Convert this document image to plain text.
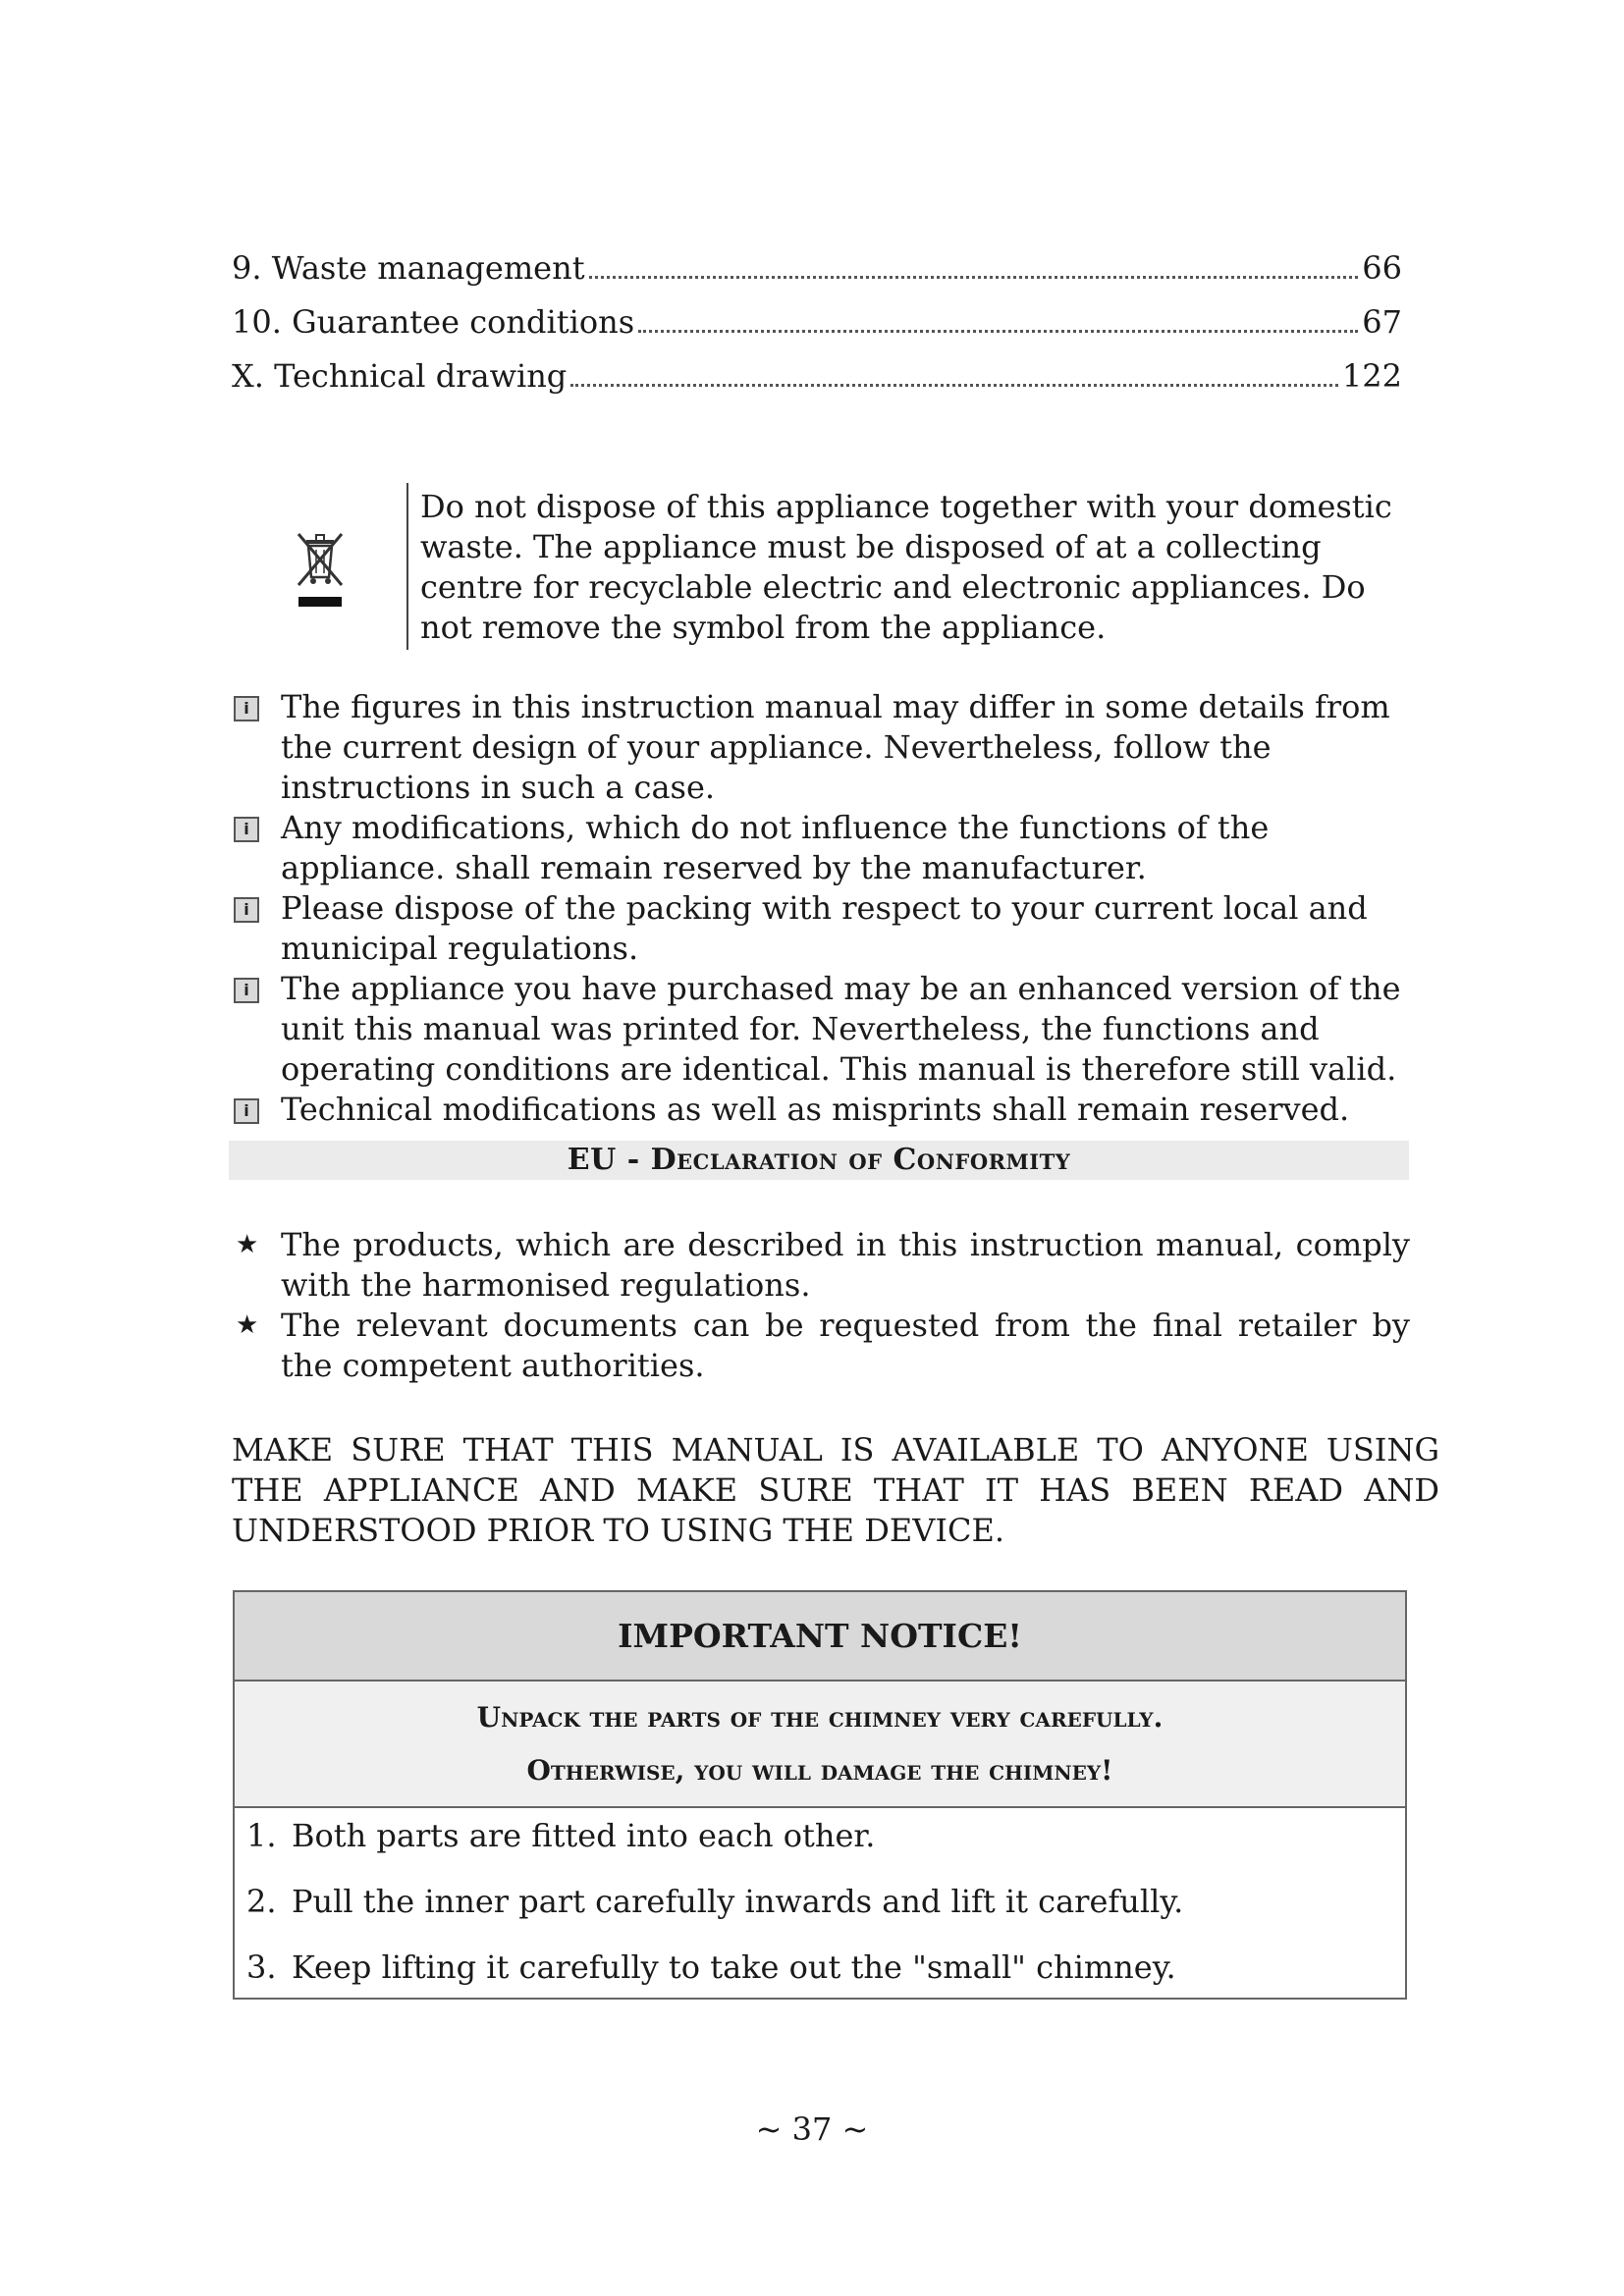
9. Waste management	66
10. Guarantee conditions	67
X. Technical drawing	122
Do not dispose of this appliance together with your domestic waste. The appliance must be disposed of at a collecting centre for recyclable electric and electronic appliances. Do not remove the symbol from the appliance.
i	The figures in this instruction manual may differ in some details from the current design of your appliance. Nevertheless, follow the instructions in such a case.
i	Any modifications, which do not influence the functions of the appliance. shall remain reserved by the manufacturer.
i	Please dispose of the packing with respect to your current local and municipal regulations.
i	The appliance you have purchased may be an enhanced version of the unit this manual was printed for. Nevertheless, the functions and operating conditions are identical. This manual is therefore still valid.
i	Technical modifications as well as misprints shall remain reserved.
EU - Declaration of Conformity
★ The products, which are described in this instruction manual, comply with the harmonised regulations.
★ The relevant documents can be requested from the final retailer by the competent authorities.
MAKE SURE THAT THIS MANUAL IS AVAILABLE TO ANYONE USING THE APPLIANCE AND MAKE SURE THAT IT HAS BEEN READ AND UNDERSTOOD PRIOR TO USING THE DEVICE.
IMPORTANT NOTICE!
Unpack the parts of the chimney very carefully.
Otherwise, you will damage the chimney!
1. Both parts are fitted into each other.
2. Pull the inner part carefully inwards and lift it carefully.
3. Keep lifting it carefully to take out the "small" chimney.
~ 37 ~
